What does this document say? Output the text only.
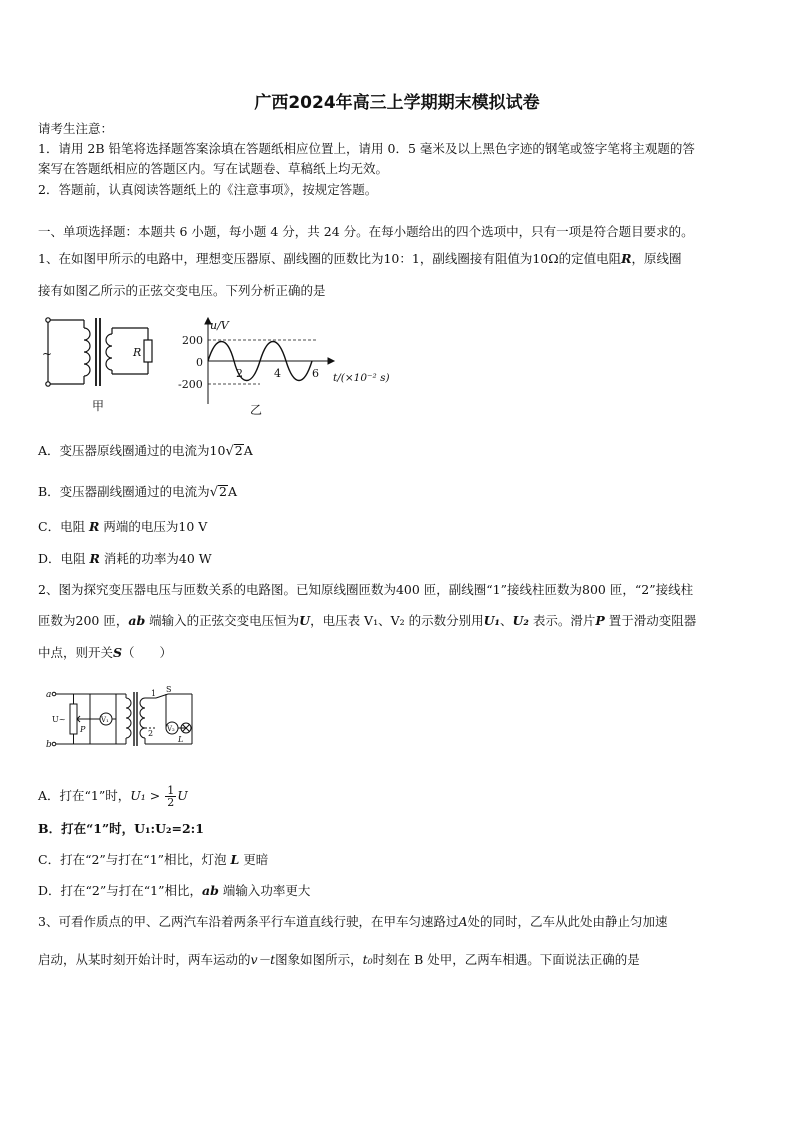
广西2024年高三上学期期末模拟试卷
请考生注意：
1．请用 2B 铅笔将选择题答案涂填在答题纸相应位置上，请用 0．5 毫米及以上黑色字迹的钢笔或签字笔将主观题的答
案写在答题纸相应的答题区内。写在试题卷、草稿纸上均无效。
2．答题前，认真阅读答题纸上的《注意事项》，按规定答题。
一、单项选择题：本题共 6 小题，每小题 4 分，共 24 分。在每小题给出的四个选项中，只有一项是符合题目要求的。
1、在如图甲所示的电路中，理想变压器原、副线圈的匝数比为10：1，副线圈接有阻值为10Ω的定值电阻R，原线圈
接有如图乙所示的正弦交变电压。下列分析正确的是
~	R
甲
u/V
200
-200
0
2	4	6 t/(×10⁻² s)
乙
A．变压器原线圈通过的电流为10√2A
B．变压器副线圈通过的电流为√2A
C．电阻 R 两端的电压为10 V
D．电阻 R 消耗的功率为40 W
2、图为探究变压器电压与匝数关系的电路图。已知原线圈匝数为400 匝，副线圈“1”接线柱匝数为800 匝，“2”接线柱
匝数为200 匝，ab 端输入的正弦交变电压恒为U，电压表 V₁、V₂ 的示数分别用U₁、U₂ 表示。滑片P 置于滑动变阻器
中点，则开关S（　　）
a
b
U~
P
V₁
1
2
S
V₂
L
A．打在“1”时，$U_1 > \frac{1}{2}$ U
B．打在“1”时，U₁:U₂=2:1
C．打在“2”与打在“1”相比，灯泡 L 更暗
D．打在“2”与打在“1”相比，ab 端输入功率更大
3、可看作质点的甲、乙两汽车沿着两条平行车道直线行驶，在甲车匀速路过A处的同时，乙车从此处由静止匀加速
启动，从某时刻开始计时，两车运动的v－t图象如图所示，t₀时刻在 B 处甲，乙两车相遇。下面说法正确的是
